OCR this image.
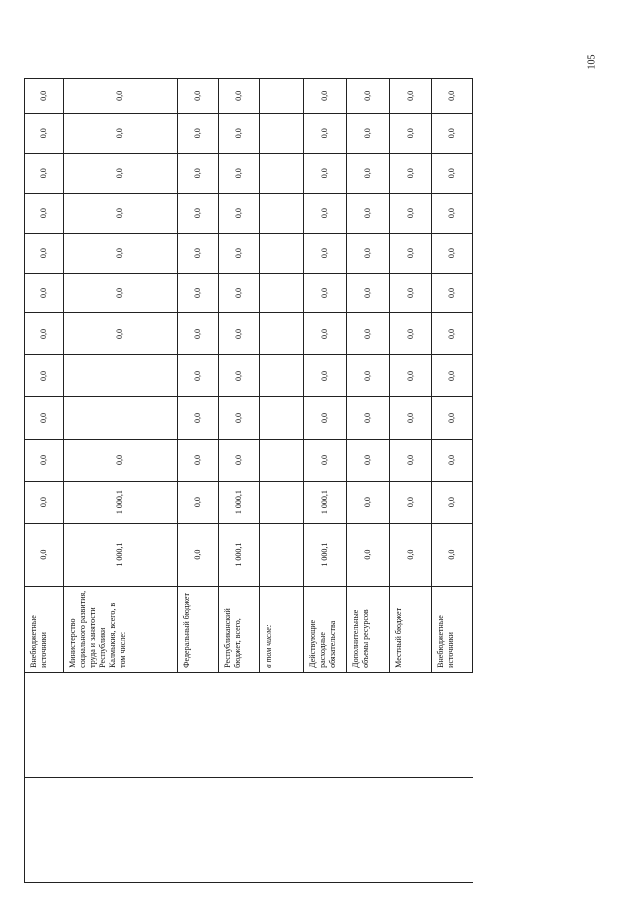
105
		Внебюджетные источники	0,0	0,0	0,0	0,0	0,0	0,0	0,0	0,0	0,0	0,0	0,0	0,0
		Министерство социального развития, труда и занятости Республики Калмыкия, всего, в том числе:	1 000,1	1 000,1	0,0			0,0	0,0	0,0	0,0	0,0	0,0	0,0
		Федеральный бюджет	0,0	0,0	0,0	0,0	0,0	0,0	0,0	0,0	0,0	0,0	0,0	0,0
		Республиканский бюджет, всего,	1 000,1	1 000,1	0,0	0,0	0,0	0,0	0,0	0,0	0,0	0,0	0,0	0,0
		в том числе:												
		Действующие расходные обязательства	1 000,1	1 000,1	0,0	0,0	0,0	0,0	0,0	0,0	0,0	0,0	0,0	0,0
		Дополнительные объемы ресурсов	0,0	0,0	0,0	0,0	0,0	0,0	0,0	0,0	0,0	0,0	0,0	0,0
		Местный бюджет	0,0	0,0	0,0	0,0	0,0	0,0	0,0	0,0	0,0	0,0	0,0	0,0
		Внебюджетные источники	0,0	0,0	0,0	0,0	0,0	0,0	0,0	0,0	0,0	0,0	0,0	0,0
